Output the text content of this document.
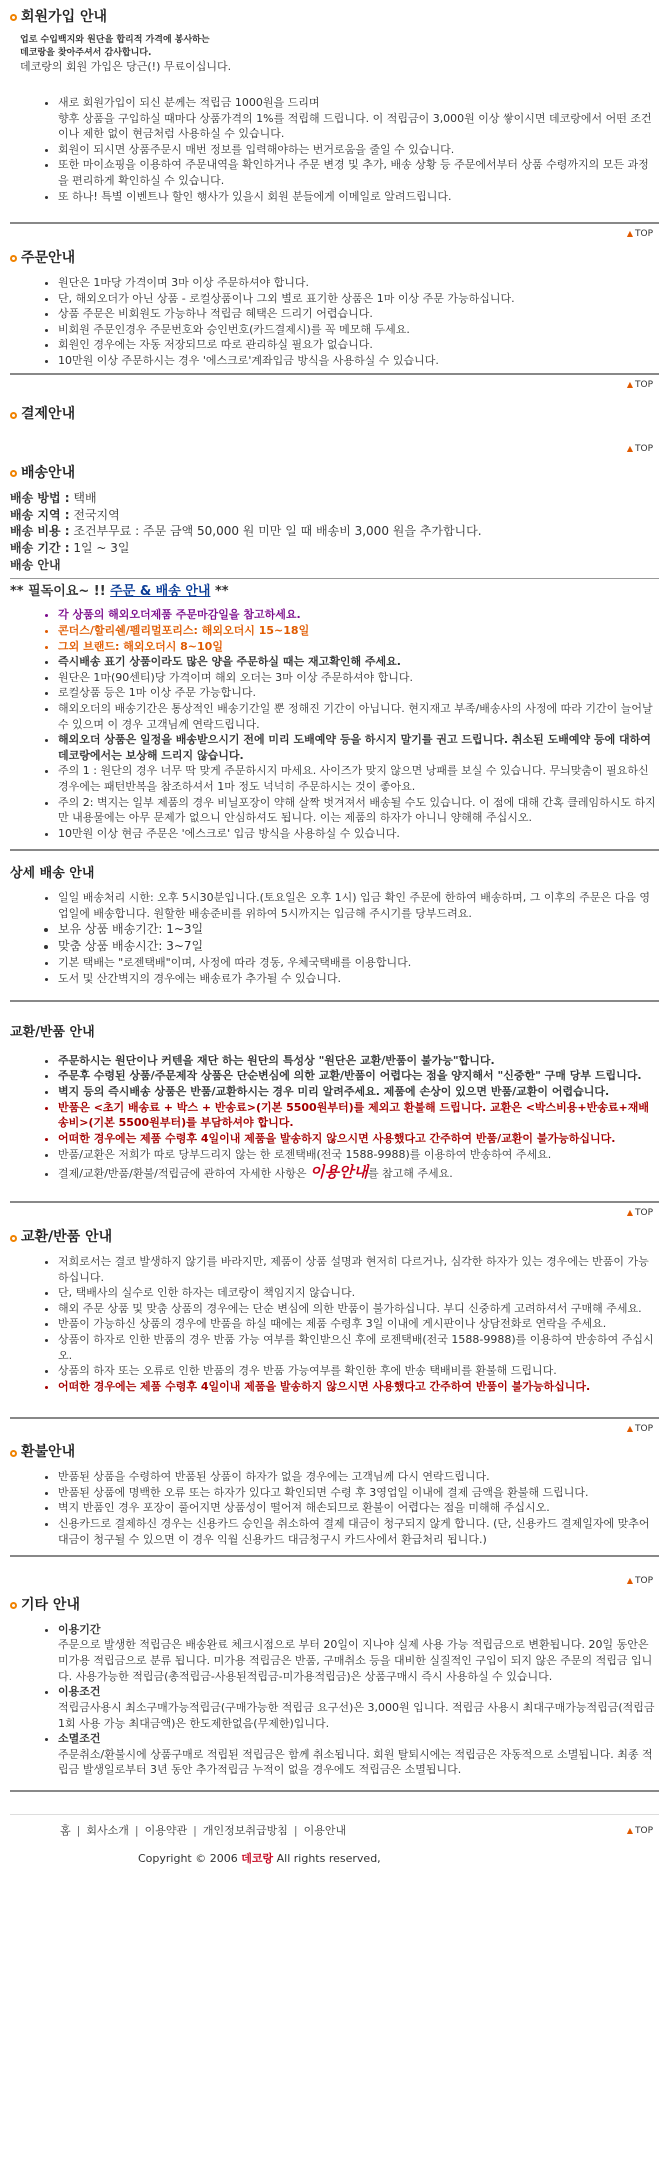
회원가입 안내

업로 수입백지와 원단을 합리적 가격에 봉사하는

데코랑을 찾아주셔서 감사합니다.

데코랑의 회원 가입은 당근(!) 무료이십니다.

• 새로 회원가입이 되신 분께는 적립금 1000원을 드리며
향후 상품을 구입하실 때마다 상품가격의 1%를 적립해 드립니다. 이 적립금이 3,000원 이상 쌓이시면 데코랑에서 어떤 조건이나 제한 없이 현금처럼 사용하실 수 있습니다.
• 회원이 되시면 상품주문시 매번 정보를 입력해야하는 번거로움을 줄일 수 있습니다.
• 또한 마이쇼핑을 이용하여 주문내역을 확인하거나 주문 변경 및 추가, 배송 상황 등 주문에서부터 상품 수령까지의 모든 과정을 편리하게 확인하실 수 있습니다.
• 또 하나! 특별 이벤트나 할인 행사가 있을시 회원 분들에게 이메일로 알려드립니다.
▲ TOP
주문안내
• 원단은 1마당 가격이며 3마 이상 주문하셔야 합니다.
• 단, 해외오더가 아닌 상품 - 로컬상품이나 그외 별로 표기한 상품은 1마 이상 주문 가능하십니다.
• 상품 주문은 비회원도 가능하나 적립금 혜택은 드리기 어렵습니다.
• 비회원 주문인경우 주문번호와 승인번호(카드결제시)를 꼭 메모해 두세요.
• 회원인 경우에는 자동 저장되므로 따로 관리하실 필요가 없습니다.
• 10만원 이상 주문하시는 경우 '에스크로'계좌입금 방식을 사용하실 수 있습니다.
▲ TOP
결제안내
▲ TOP
배송안내
배송 방법 : 택배
배송 지역 : 전국지역
배송 비용 : 조건부무료 : 주문 금액 50,000 원 미만 일 때 배송비 3,000 원을 추가합니다.
배송 기간 : 1일 ~ 3일
배송 안내
** 필독이요~ !! 주문 & 배송 안내 **
• 각 상품의 해외오더제품 주문마감일을 참고하세요.
• 콘더스/할리쉔/펠리멀포리스: 해외오더시 15~18일
• 그외 브랜드: 해외오더시 8~10일
• 즉시배송 표기 상품이라도 많은 양을 주문하실 때는 재고확인해 주세요.
• 원단은 1마(90센티)당 가격이며 해외 오더는 3마 이상 주문하셔야 합니다.
• 로컬상품 등은 1마 이상 주문 가능합니다.
• 해외오더의 배송기간은 통상적인 배송기간일 뿐 정해진 기간이 아닙니다. 현지재고 부족/배송사의 사정에 따라 기간이 늘어날 수 있으며 이 경우 고객님께 연락드립니다.
• 해외오더 상품은 일정을 배송받으시기 전에 미리 도배예약 등을 하시지 말기를 권고 드립니다. 취소된 도배예약 등에 대하여 데코랑에서는 보상해 드리지 않습니다.
• 주의 1 : 원단의 경우 너무 딱 맞게 주문하시지 마세요. 사이즈가 맞지 않으면 낭패를 보실 수 있습니다. 무늬맞춤이 필요하신 경우에는 패턴반복을 참조하셔서 1마 정도 넉넉히 주문하시는 것이 좋아요.
• 주의 2: 벽지는 일부 제품의 경우 비닐포장이 약해 살짝 벗겨져서 배송될 수도 있습니다. 이 점에 대해 간혹 클레임하시도 하지만 내용물에는 아무 문제가 없으니 안심하셔도 됩니다. 이는 제품의 하자가 아니니 양해해 주십시오.
• 10만원 이상 현금 주문은 '에스크로' 입금 방식을 사용하실 수 있습니다.
상세 배송 안내
• 일일 배송처리 시한: 오후 5시30분입니다.(토요일은 오후 1시) 입금 확인 주문에 한하여 배송하며, 그 이후의 주문은 다음 영업일에 배송합니다. 원할한 배송준비를 위하여 5시까지는 입금해 주시기를 당부드려요.
• 보유 상품 배송기간: 1~3일
• 맞춤 상품 배송시간: 3~7일
• 기본 택배는 "로젠택배"이며, 사정에 따라 경동, 우체국택배를 이용합니다.
• 도서 및 산간벽지의 경우에는 배송료가 추가될 수 있습니다.
교환/반품 안내
• 주문하시는 원단이나 커텐을 재단 하는 원단의 특성상 "원단은 교환/반품이 불가능"합니다.
• 주문후 수령된 상품/주문제작 상품은 단순변심에 의한 교환/반품이 어렵다는 점을 양지해서 "신중한" 구매 당부 드립니다.
• 벽지 등의 즉시배송 상품은 반품/교환하시는 경우 미리 알려주세요. 제품에 손상이 있으면 반품/교환이 어렵습니다.
• 반품은 <초기 배송료 + 박스 + 반송료>(기본 5500원부터)를 제외고 환불해 드립니다. 교환은 <박스비용+반송료+재배송비>(기본 5500원부터)를 부담하셔야 합니다.
• 어떠한 경우에는 제품 수령후 4일이내 제품을 발송하지 않으시면 사용했다고 간주하여 반품/교환이 불가능하십니다.
• 반품/교환은 저희가 따로 당부드리지 않는 한 로젠택배(전국 1588-9988)를 이용하여 반송하여 주세요.
• 결제/교환/반품/환불/적립금에 관하여 자세한 사항은 이용안내를 참고해 주세요.
▲ TOP
교환/반품 안내
• 저희로서는 결코 발생하지 않기를 바라지만, 제품이 상품 설명과 현저히 다르거나, 심각한 하자가 있는 경우에는 반품이 가능하십니다.
• 단, 택배사의 실수로 인한 하자는 데코랑이 책임지지 않습니다.
• 해외 주문 상품 및 맞춤 상품의 경우에는 단순 변심에 의한 반품이 불가하십니다. 부디 신중하게 고려하셔서 구매해 주세요.
• 반품이 가능하신 상품의 경우에 반품을 하실 때에는 제품 수령후 3일 이내에 게시판이나 상담전화로 연락을 주세요.
• 상품이 하자로 인한 반품의 경우 반품 가능 여부를 확인받으신 후에 로젠택배(전국 1588-9988)를 이용하여 반송하여 주십시오.
• 상품의 하자 또는 오류로 인한 반품의 경우 반품 가능여부를 확인한 후에 반송 택배비를 환불해 드립니다.
• 어떠한 경우에는 제품 수령후 4일이내 제품을 발송하지 않으시면 사용했다고 간주하여 반품이 불가능하십니다.
▲ TOP
환불안내
• 반품된 상품을 수령하여 반품된 상품이 하자가 없을 경우에는 고객님께 다시 연락드립니다.
• 반품된 상품에 명백한 오류 또는 하자가 있다고 확인되면 수령 후 3영업일 이내에 결제 금액을 환불해 드립니다.
• 벽지 반품인 경우 포장이 풀어지면 상품성이 떨어져 해손되므로 환불이 어렵다는 점을 미해해 주십시오.
• 신용카드로 결제하신 경우는 신용카드 승인을 취소하여 결제 대금이 청구되지 않게 합니다. (단, 신용카드 결제일자에 맞추어 대금이 청구될 수 있으면 이 경우 익월 신용카드 대금청구시 카드사에서 환급처리 됩니다.)
▲ TOP
기타 안내
• 이용기간
주문으로 발생한 적립금은 배송완료 체크시점으로 부터 20일이 지나야 실제 사용 가능 적립금으로 변환됩니다. 20일 동안은 미가용 적립금으로 분류 됩니다. 미가용 적립금은 반품, 구매취소 등을 대비한 실질적인 구입이 되지 않은 주문의 적립금 입니다. 사용가능한 적립금(총적립금-사용된적립금-미가용적립금)은 상품구매시 즉시 사용하실 수 있습니다.
• 이용조건
적립금사용시 최소구매가능적립금(구매가능한 적립금 요구선)은 3,000원 입니다. 적립금 사용시 최대구매가능적립금(적립금 1회 사용 가능 최대금액)은 한도제한없음(무제한)입니다.
• 소멸조건
주문취소/환불시에 상품구매로 적립된 적립금은 함께 취소됩니다. 회원 탈퇴시에는 적립금은 자동적으로 소멸됩니다. 최종 적립금 발생일로부터 3년 동안 추가적립금 누적이 없을 경우에도 적립금은 소멸됩니다.
홈 | 회사소개 | 이용약관 | 개인정보취급방침 | 이용안내	▲ TOP
Copyright © 2006 데코랑 All rights reserved,
